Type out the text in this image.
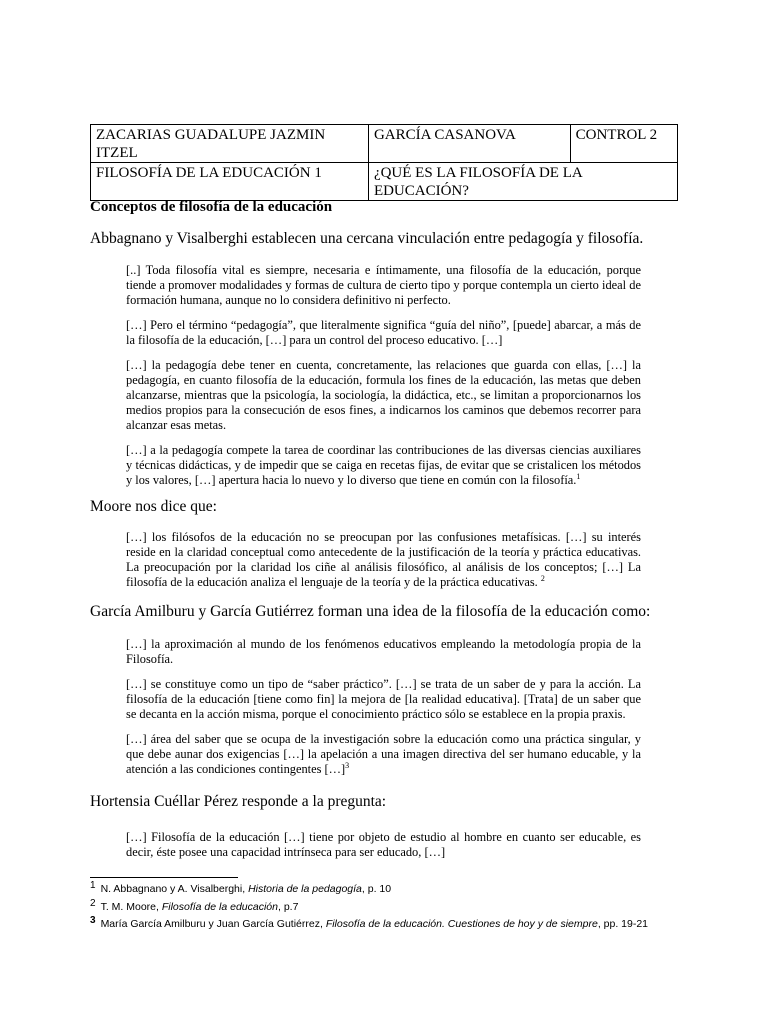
ZACARIAS GUADALUPE JAZMIN ITZEL	GARCÍA CASANOVA	CONTROL 2
FILOSOFÍA DE LA EDUCACIÓN 1	¿QUÉ ES LA FILOSOFÍA DE LA EDUCACIÓN?	

Conceptos de filosofía de la educación

Abbagnano y Visalberghi establecen una cercana vinculación entre pedagogía y filosofía.

[..] Toda filosofía vital es siempre, necesaria e íntimamente, una filosofía de la educación, porque tiende a promover modalidades y formas de cultura de cierto tipo y porque contempla un cierto ideal de formación humana, aunque no lo considera definitivo ni perfecto.

[…] Pero el término “pedagogía”, que literalmente significa “guía del niño”, [puede] abarcar, a más de la filosofía de la educación, […] para un control del proceso educativo. […]

[…] la pedagogía debe tener en cuenta, concretamente, las relaciones que guarda con ellas, […] la pedagogía, en cuanto filosofía de la educación, formula los fines de la educación, las metas que deben alcanzarse, mientras que la psicología, la sociología, la didáctica, etc., se limitan a proporcionarnos los medios propios para la consecución de esos fines, a indicarnos los caminos que debemos recorrer para alcanzar esas metas.

[…] a la pedagogía compete la tarea de coordinar las contribuciones de las diversas ciencias auxiliares y técnicas didácticas, y de impedir que se caiga en recetas fijas, de evitar que se cristalicen los métodos y los valores, […] apertura hacia lo nuevo y lo diverso que tiene en común con la filosofía.$^1$

Moore nos dice que:

[…] los filósofos de la educación no se preocupan por las confusiones metafísicas. […] su interés reside en la claridad conceptual como antecedente de la justificación de la teoría y práctica educativas. La preocupación por la claridad los ciñe al análisis filosófico, al análisis de los conceptos; […] La filosofía de la educación analiza el lenguaje de la teoría y de la práctica educativas. $^2$

García Amilburu y García Gutiérrez forman una idea de la filosofía de la educación como:

[…] la aproximación al mundo de los fenómenos educativos empleando la metodología propia de la Filosofía.

[…] se constituye como un tipo de “saber práctico”. […] se trata de un saber de y para la acción. La filosofía de la educación [tiene como fin] la mejora de [la realidad educativa]. [Trata] de un saber que se decanta en la acción misma, porque el conocimiento práctico sólo se establece en la propia praxis.

[…] área del saber que se ocupa de la investigación sobre la educación como una práctica singular, y que debe aunar dos exigencias […] la apelación a una imagen directiva del ser humano educable, y la atención a las condiciones contingentes […]$^3$

Hortensia Cuéllar Pérez responde a la pregunta:

[…] Filosofía de la educación […] tiene por objeto de estudio al hombre en cuanto ser educable, es decir, éste posee una capacidad intrínseca para ser educado, […]

1 N. Abbagnano y A. Visalberghi, Historia de la pedagogía, p. 10

2 T. M. Moore, Filosofía de la educación, p.7

3 María García Amilburu y Juan García Gutiérrez, Filosofía de la educación. Cuestiones de hoy y de siempre, pp. 19-21
